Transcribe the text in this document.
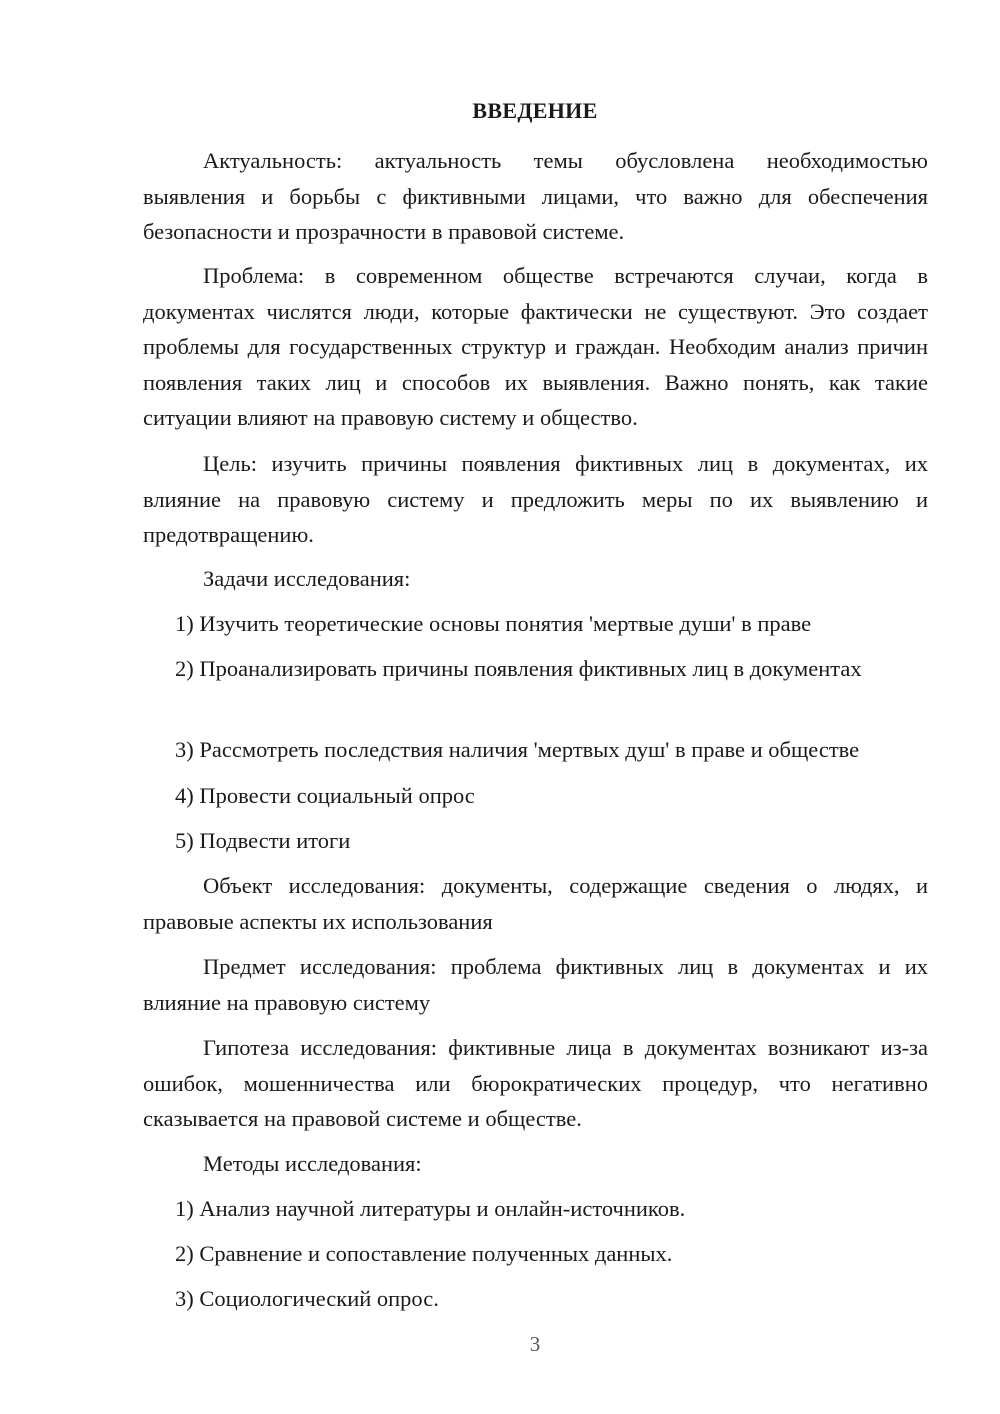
ВВЕДЕНИЕ

Актуальность: актуальность темы обусловлена необходимостью выявления и борьбы с фиктивными лицами, что важно для обеспечения безопасности и прозрачности в правовой системе.

Проблема: в современном обществе встречаются случаи, когда в документах числятся люди, которые фактически не существуют. Это создает проблемы для государственных структур и граждан. Необходим анализ причин появления таких лиц и способов их выявления. Важно понять, как такие ситуации влияют на правовую систему и общество.

Цель: изучить причины появления фиктивных лиц в документах, их влияние на правовую систему и предложить меры по их выявлению и предотвращению.

Задачи исследования:

1) Изучить теоретические основы понятия 'мертвые души' в праве

2) Проанализировать причины появления фиктивных лиц в документах

3) Рассмотреть последствия наличия 'мертвых душ' в праве и обществе

4) Провести социальный опрос

5) Подвести итоги

Объект исследования: документы, содержащие сведения о людях, и правовые аспекты их использования

Предмет исследования: проблема фиктивных лиц в документах и их влияние на правовую систему

Гипотеза исследования: фиктивные лица в документах возникают из-за ошибок, мошенничества или бюрократических процедур, что негативно сказывается на правовой системе и обществе.

Методы исследования:

1) Анализ научной литературы и онлайн-источников.

2) Сравнение и сопоставление полученных данных.

3) Социологический опрос.

3
